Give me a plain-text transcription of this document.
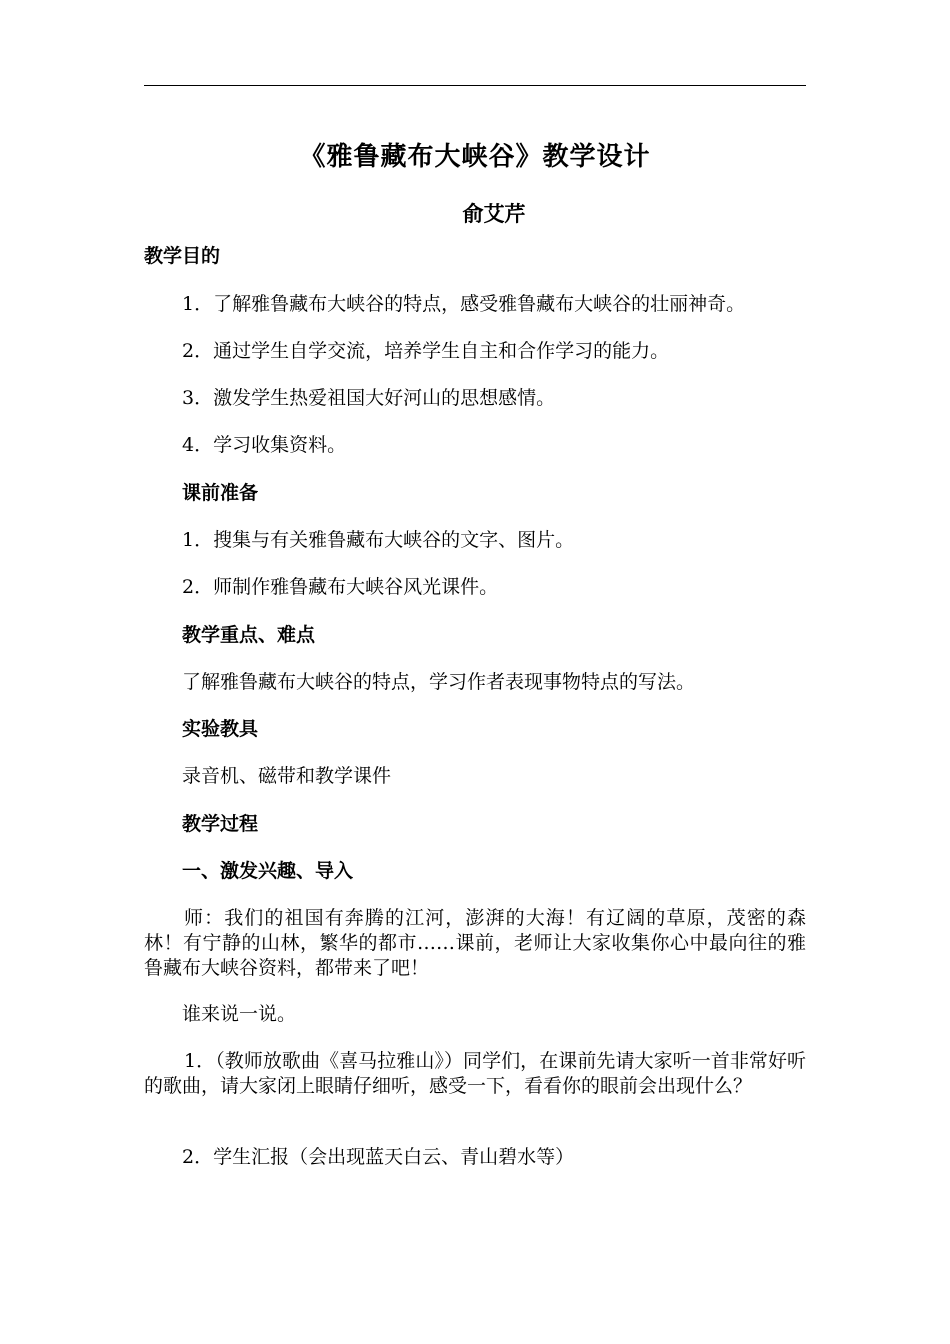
《雅鲁藏布大峡谷》教学设计
俞艾芹
教学目的
1．了解雅鲁藏布大峡谷的特点，感受雅鲁藏布大峡谷的壮丽神奇。
2．通过学生自学交流，培养学生自主和合作学习的能力。
3．激发学生热爱祖国大好河山的思想感情。
4．学习收集资料。
课前准备
1．搜集与有关雅鲁藏布大峡谷的文字、图片。
2．师制作雅鲁藏布大峡谷风光课件。
教学重点、难点
了解雅鲁藏布大峡谷的特点，学习作者表现事物特点的写法。
实验教具
录音机、磁带和教学课件
教学过程
一、激发兴趣、导入
师：我们的祖国有奔腾的江河，澎湃的大海！有辽阔的草原，茂密的森林！有宁静的山林，繁华的都市……课前，老师让大家收集你心中最向往的雅鲁藏布大峡谷资料，都带来了吧！
谁来说一说。
1．（教师放歌曲《喜马拉雅山》）同学们，在课前先请大家听一首非常好听的歌曲，请大家闭上眼睛仔细听，感受一下，看看你的眼前会出现什么？
2．学生汇报（会出现蓝天白云、青山碧水等）
